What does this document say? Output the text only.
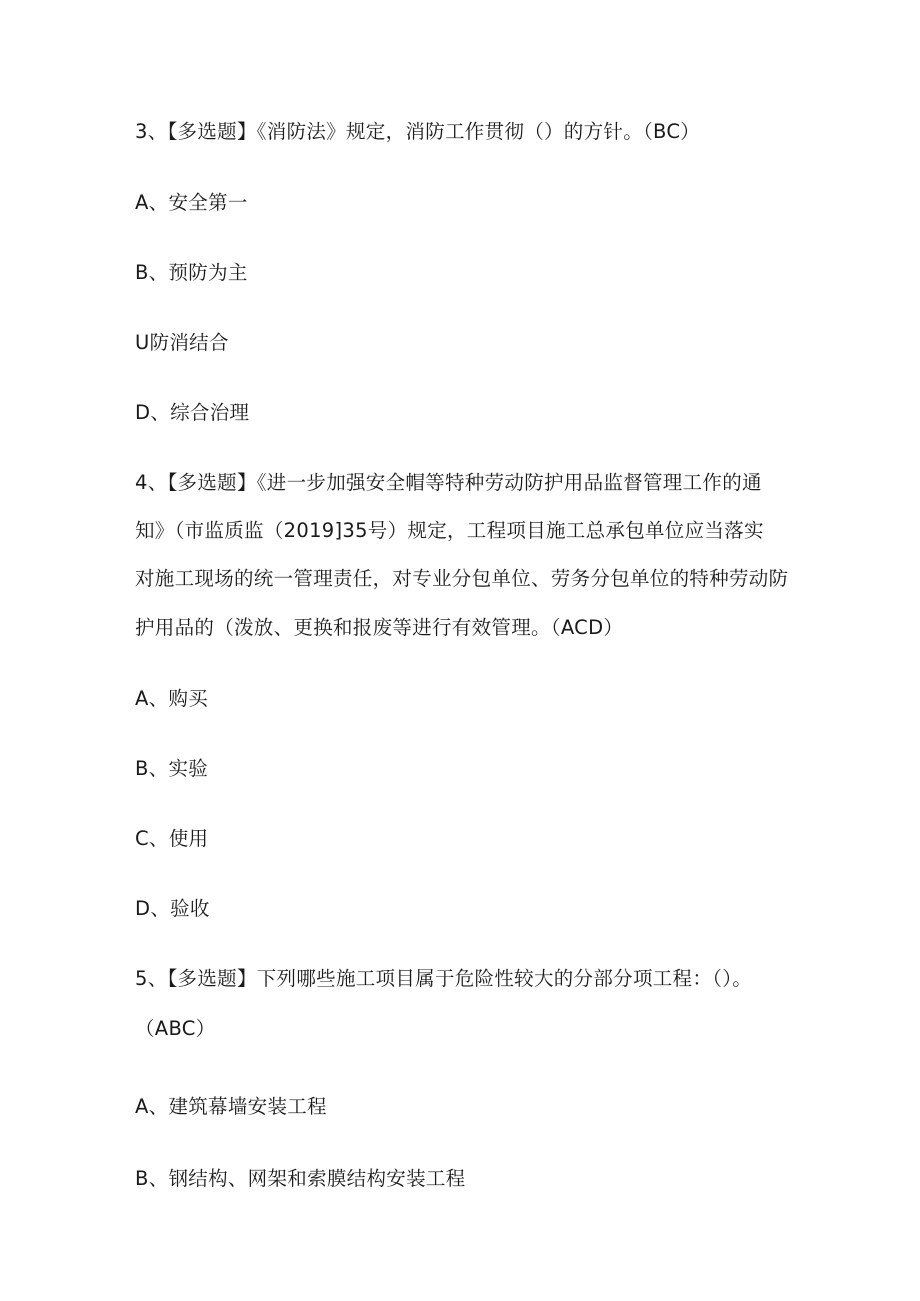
3、【多选题】《消防法》规定，消防工作贯彻（）的方针。（BC）
A、安全第一
B、预防为主
U防消结合
D、综合治理
4、【多选题】《进一步加强安全帽等特种劳动防护用品监督管理工作的通
知》（市监质监（2019]35号）规定，工程项目施工总承包单位应当落实
对施工现场的统一管理责任，对专业分包单位、劳务分包单位的特种劳动防
护用品的（泼放、更换和报废等进行有效管理。（ACD）
A、购买
B、实验
C、使用
D、验收
5、【多选题】下列哪些施工项目属于危险性较大的分部分项工程：（）。
（ABC）
A、建筑幕墙安装工程
B、钢结构、网架和索膜结构安装工程
